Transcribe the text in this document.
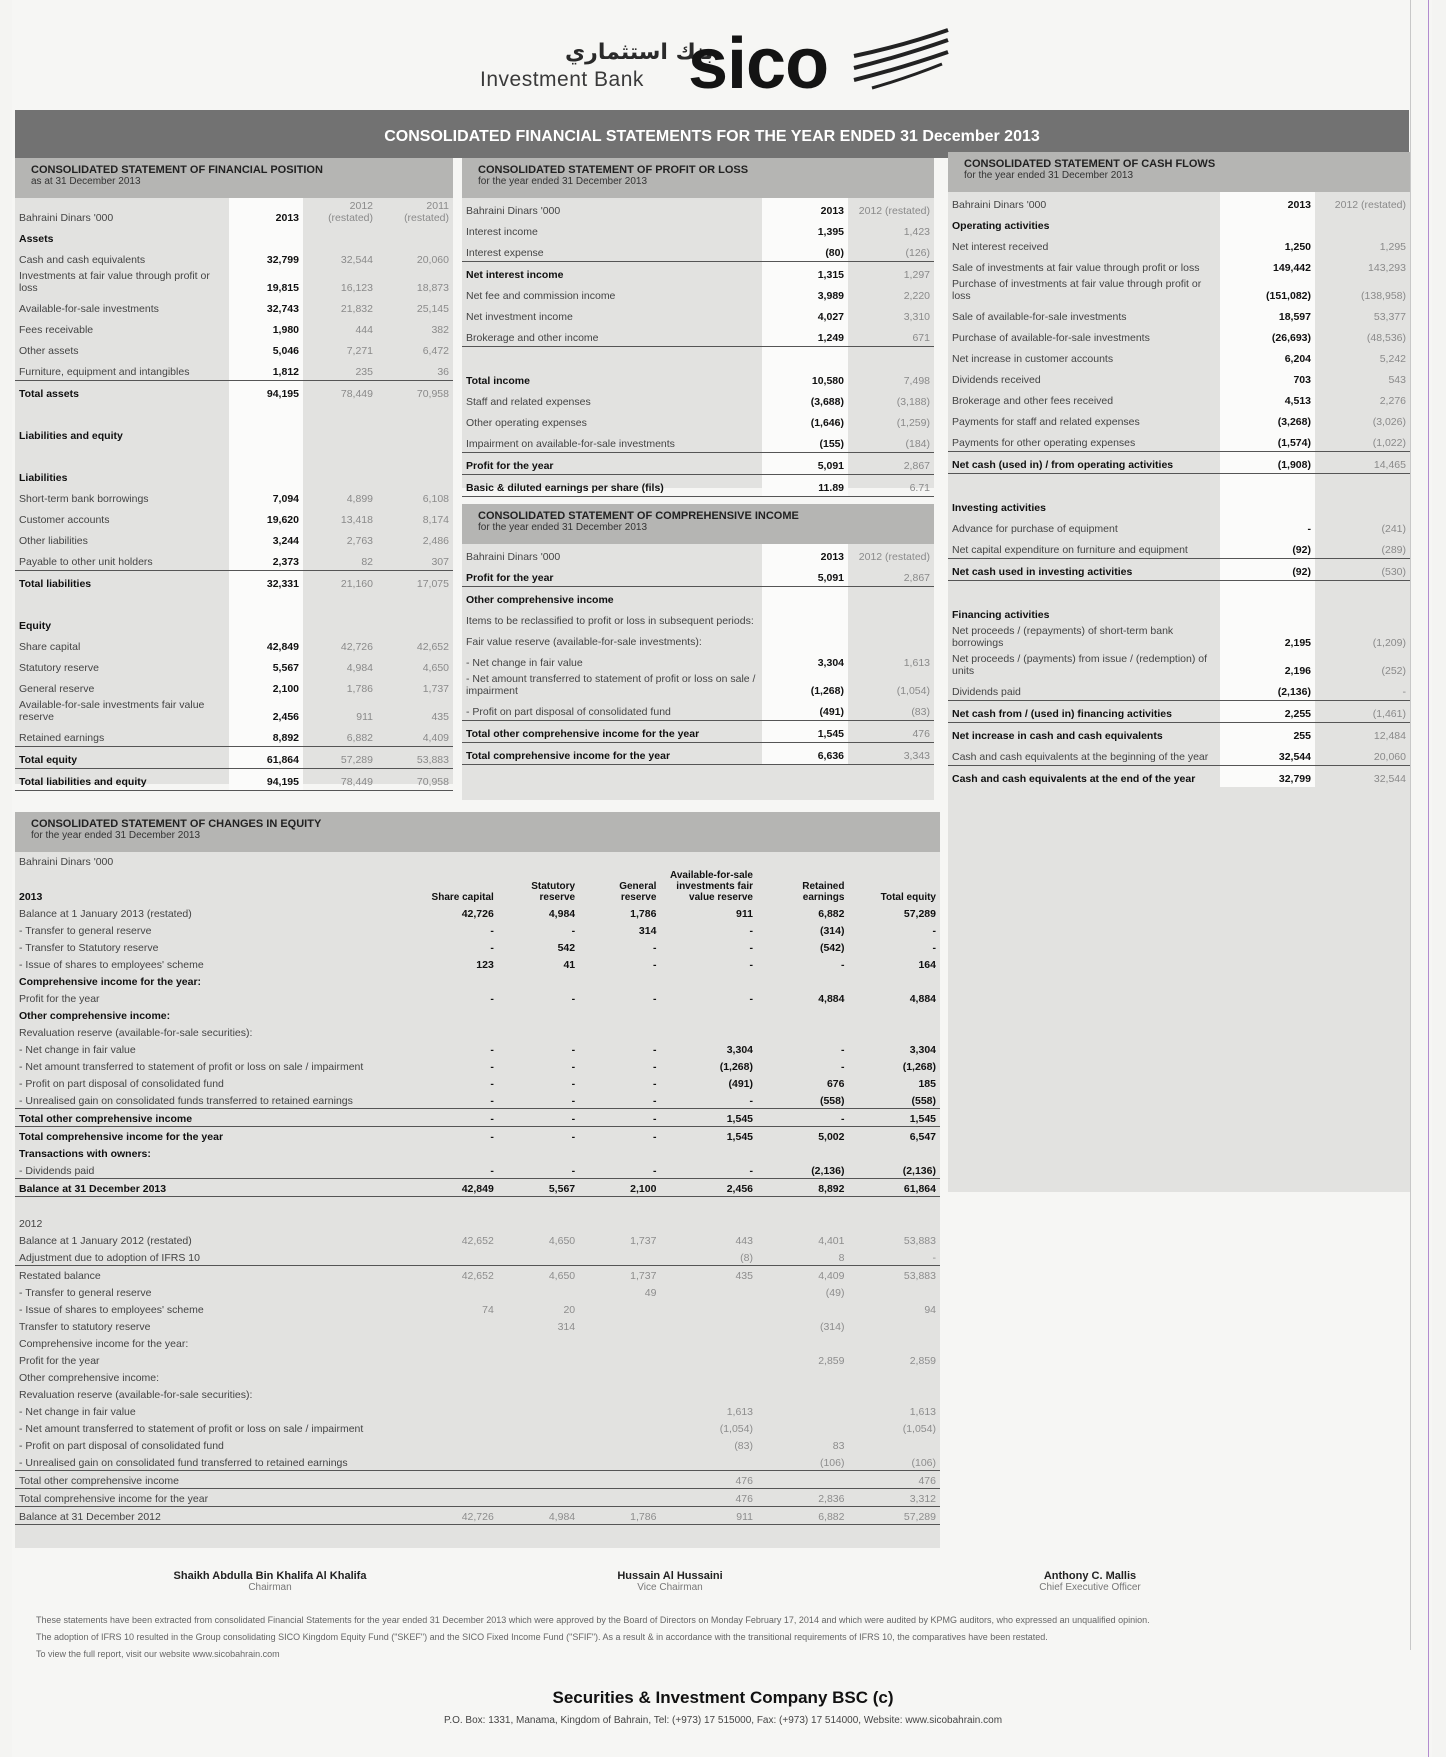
بنك استثماري
Investment Bank sico
CONSOLIDATED FINANCIAL STATEMENTS FOR THE YEAR ENDED 31 December 2013
CONSOLIDATED STATEMENT OF FINANCIAL POSITION
as at 31 December 2013
Bahraini Dinars '000	2013	2012 (restated)	2011 (restated)
Assets			
Cash and cash equivalents	32,799	32,544	20,060
Investments at fair value through profit or loss	19,815	16,123	18,873
Available-for-sale investments	32,743	21,832	25,145
Fees receivable	1,980	444	382
Other assets	5,046	7,271	6,472
Furniture, equipment and intangibles	1,812	235	36
Total assets	94,195	78,449	70,958

Liabilities and equity			

Liabilities			
Short-term bank borrowings	7,094	4,899	6,108
Customer accounts	19,620	13,418	8,174
Other liabilities	3,244	2,763	2,486
Payable to other unit holders	2,373	82	307
Total liabilities	32,331	21,160	17,075

Equity			
Share capital	42,849	42,726	42,652
Statutory reserve	5,567	4,984	4,650
General reserve	2,100	1,786	1,737
Available-for-sale investments fair value reserve	2,456	911	435
Retained earnings	8,892	6,882	4,409
Total equity	61,864	57,289	53,883
Total liabilities and equity	94,195	78,449	70,958
CONSOLIDATED STATEMENT OF PROFIT OR LOSS
for the year ended 31 December 2013
Bahraini Dinars '000	2013	2012 (restated)
Interest income	1,395	1,423
Interest expense	(80)	(126)
Net interest income	1,315	1,297
Net fee and commission income	3,989	2,220
Net investment income	4,027	3,310
Brokerage and other income	1,249	671

Total income	10,580	7,498
Staff and related expenses	(3,688)	(3,188)
Other operating expenses	(1,646)	(1,259)
Impairment on available-for-sale investments	(155)	(184)
Profit for the year	5,091	2,867
Basic & diluted earnings per share (fils)	11.89	6.71
CONSOLIDATED STATEMENT OF COMPREHENSIVE INCOME
for the year ended 31 December 2013
Bahraini Dinars '000	2013	2012 (restated)
Profit for the year	5,091	2,867
Other comprehensive income		
Items to be reclassified to profit or loss in subsequent periods:		
Fair value reserve (available-for-sale investments):		
- Net change in fair value	3,304	1,613
- Net amount transferred to statement of profit or loss on sale / impairment	(1,268)	(1,054)
- Profit on part disposal of consolidated fund	(491)	(83)
Total other comprehensive income for the year	1,545	476
Total comprehensive income for the year	6,636	3,343
CONSOLIDATED STATEMENT OF CASH FLOWS
for the year ended 31 December 2013
Bahraini Dinars '000	2013	2012 (restated)
Operating activities		
Net interest received	1,250	1,295
Sale of investments at fair value through profit or loss	149,442	143,293
Purchase of investments at fair value through profit or loss	(151,082)	(138,958)
Sale of available-for-sale investments	18,597	53,377
Purchase of available-for-sale investments	(26,693)	(48,536)
Net increase in customer accounts	6,204	5,242
Dividends received	703	543
Brokerage and other fees received	4,513	2,276
Payments for staff and related expenses	(3,268)	(3,026)
Payments for other operating expenses	(1,574)	(1,022)
Net cash (used in) / from operating activities	(1,908)	14,465

Investing activities		
Advance for purchase of equipment	-	(241)
Net capital expenditure on furniture and equipment	(92)	(289)
Net cash used in investing activities	(92)	(530)

Financing activities		
Net proceeds / (repayments) of short-term bank borrowings	2,195	(1,209)
Net proceeds / (payments) from issue / (redemption) of units	2,196	(252)
Dividends paid	(2,136)	-
Net cash from / (used in) financing activities	2,255	(1,461)
Net increase in cash and cash equivalents	255	12,484
Cash and cash equivalents at the beginning of the year	32,544	20,060
Cash and cash equivalents at the end of the year	32,799	32,544
CONSOLIDATED STATEMENT OF CHANGES IN EQUITY
for the year ended 31 December 2013
Bahraini Dinars '000						
2013	Share capital	Statutory reserve	General reserve	Available-for-sale investments fair value reserve	Retained earnings	Total equity
Balance at 1 January 2013 (restated)	42,726	4,984	1,786	911	6,882	57,289
- Transfer to general reserve	-	-	314	-	(314)	-
- Transfer to Statutory reserve	-	542	-	-	(542)	-
- Issue of shares to employees' scheme	123	41	-	-	-	164
Comprehensive income for the year:						
Profit for the year	-	-	-	-	4,884	4,884
Other comprehensive income:						
Revaluation reserve (available-for-sale securities):						
- Net change in fair value	-	-	-	3,304	-	3,304
- Net amount transferred to statement of profit or loss on sale / impairment	-	-	-	(1,268)	-	(1,268)
- Profit on part disposal of consolidated fund	-	-	-	(491)	676	185
- Unrealised gain on consolidated funds transferred to retained earnings	-	-	-	-	(558)	(558)
Total other comprehensive income	-	-	-	1,545	-	1,545
Total comprehensive income for the year	-	-	-	1,545	5,002	6,547
Transactions with owners:						
- Dividends paid	-	-	-	-	(2,136)	(2,136)
Balance at 31 December 2013	42,849	5,567	2,100	2,456	8,892	61,864

2012						
Balance at 1 January 2012 (restated)	42,652	4,650	1,737	443	4,401	53,883
Adjustment due to adoption of IFRS 10				(8)	8	-
Restated balance	42,652	4,650	1,737	435	4,409	53,883
- Transfer to general reserve			49		(49)	
- Issue of shares to employees' scheme	74	20				94
Transfer to statutory reserve		314			(314)	
Comprehensive income for the year:						
Profit for the year					2,859	2,859
Other comprehensive income:						
Revaluation reserve (available-for-sale securities):						
- Net change in fair value				1,613		1,613
- Net amount transferred to statement of profit or loss on sale / impairment				(1,054)		(1,054)
- Profit on part disposal of consolidated fund				(83)	83	
- Unrealised gain on consolidated fund transferred to retained earnings					(106)	(106)
Total other comprehensive income				476		476
Total comprehensive income for the year				476	2,836	3,312
Balance at 31 December 2012	42,726	4,984	1,786	911	6,882	57,289
Shaikh Abdulla Bin Khalifa Al Khalifa
Chairman
Hussain Al Hussaini
Vice Chairman
Anthony C. Mallis
Chief Executive Officer
These statements have been extracted from consolidated Financial Statements for the year ended 31 December 2013 which were approved by the Board of Directors on Monday February 17, 2014 and which were audited by KPMG auditors, who expressed an unqualified opinion.
The adoption of IFRS 10 resulted in the Group consolidating SICO Kingdom Equity Fund ("SKEF") and the SICO Fixed Income Fund ("SFIF"). As a result & in accordance with the transitional requirements of IFRS 10, the comparatives have been restated.
To view the full report, visit our website www.sicobahrain.com
Securities & Investment Company BSC (c)
P.O. Box: 1331, Manama, Kingdom of Bahrain, Tel: (+973) 17 515000, Fax: (+973) 17 514000, Website: www.sicobahrain.com
